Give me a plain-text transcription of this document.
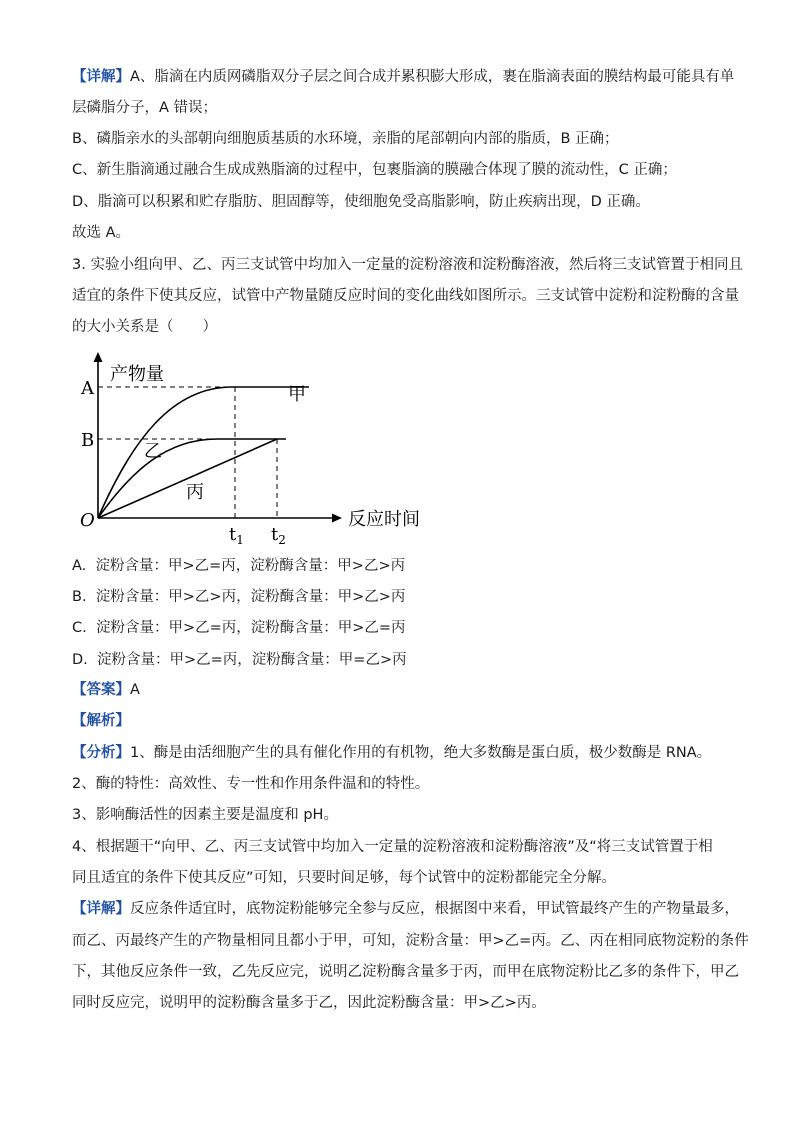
【详解】A、脂滴在内质网磷脂双分子层之间合成并累积膨大形成，裹在脂滴表面的膜结构最可能具有单
层磷脂分子，A 错误；
B、磷脂亲水的头部朝向细胞质基质的水环境，亲脂的尾部朝向内部的脂质，B 正确；
C、新生脂滴通过融合生成成熟脂滴的过程中，包裹脂滴的膜融合体现了膜的流动性，C 正确；
D、脂滴可以积累和贮存脂肪、胆固醇等，使细胞免受高脂影响，防止疾病出现，D 正确。
故选 A。
3. 实验小组向甲、乙、丙三支试管中均加入一定量的淀粉溶液和淀粉酶溶液，然后将三支试管置于相同且
适宜的条件下使其反应，试管中产物量随反应时间的变化曲线如图所示。三支试管中淀粉和淀粉酶的含量
的大小关系是（　　）
产物量
A
B
O
甲
乙
丙
$t_1$ $t_2$
反应时间
A. 淀粉含量：甲>乙=丙，淀粉酶含量：甲>乙>丙
B. 淀粉含量：甲>乙>丙，淀粉酶含量：甲>乙>丙
C. 淀粉含量：甲>乙=丙，淀粉酶含量：甲>乙=丙
D. 淀粉含量：甲>乙=丙，淀粉酶含量：甲=乙>丙
【答案】A
【解析】
【分析】1、酶是由活细胞产生的具有催化作用的有机物，绝大多数酶是蛋白质，极少数酶是 RNA。
2、酶的特性：高效性、专一性和作用条件温和的特性。
3、影响酶活性的因素主要是温度和 pH。
4、根据题干“向甲、乙、丙三支试管中均加入一定量的淀粉溶液和淀粉酶溶液”及“将三支试管置于相
同且适宜的条件下使其反应”可知，只要时间足够，每个试管中的淀粉都能完全分解。
【详解】反应条件适宜时，底物淀粉能够完全参与反应，根据图中来看，甲试管最终产生的产物量最多，
而乙、丙最终产生的产物量相同且都小于甲，可知，淀粉含量：甲>乙=丙。乙、丙在相同底物淀粉的条件
下，其他反应条件一致，乙先反应完，说明乙淀粉酶含量多于丙，而甲在底物淀粉比乙多的条件下，甲乙
同时反应完，说明甲的淀粉酶含量多于乙，因此淀粉酶含量：甲>乙>丙。
